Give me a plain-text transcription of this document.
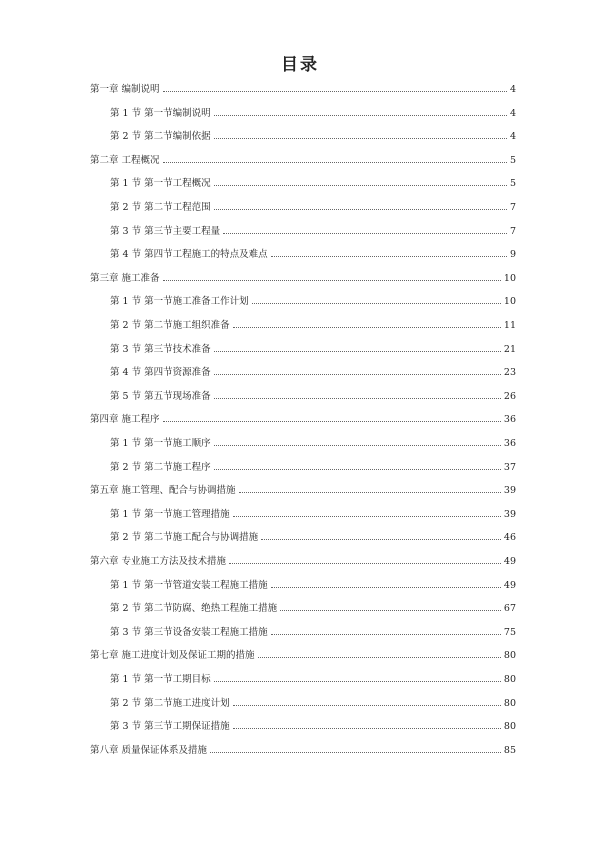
目录
第一章 编制说明	4
第 1 节 第一节编制说明	4
第 2 节 第二节编制依据	4
第二章 工程概况	5
第 1 节 第一节工程概况	5
第 2 节 第二节工程范围	7
第 3 节 第三节主要工程量	7
第 4 节 第四节工程施工的特点及难点	9
第三章 施工准备	10
第 1 节 第一节施工准备工作计划	10
第 2 节 第二节施工组织准备	11
第 3 节 第三节技术准备	21
第 4 节 第四节资源准备	23
第 5 节 第五节现场准备	26
第四章 施工程序	36
第 1 节 第一节施工顺序	36
第 2 节 第二节施工程序	37
第五章 施工管理、配合与协调措施	39
第 1 节 第一节施工管理措施	39
第 2 节 第二节施工配合与协调措施	46
第六章 专业施工方法及技术措施	49
第 1 节 第一节管道安装工程施工措施	49
第 2 节 第二节防腐、绝热工程施工措施	67
第 3 节 第三节设备安装工程施工措施	75
第七章 施工进度计划及保证工期的措施	80
第 1 节 第一节工期目标	80
第 2 节 第二节施工进度计划	80
第 3 节 第三节工期保证措施	80
第八章 质量保证体系及措施	85
